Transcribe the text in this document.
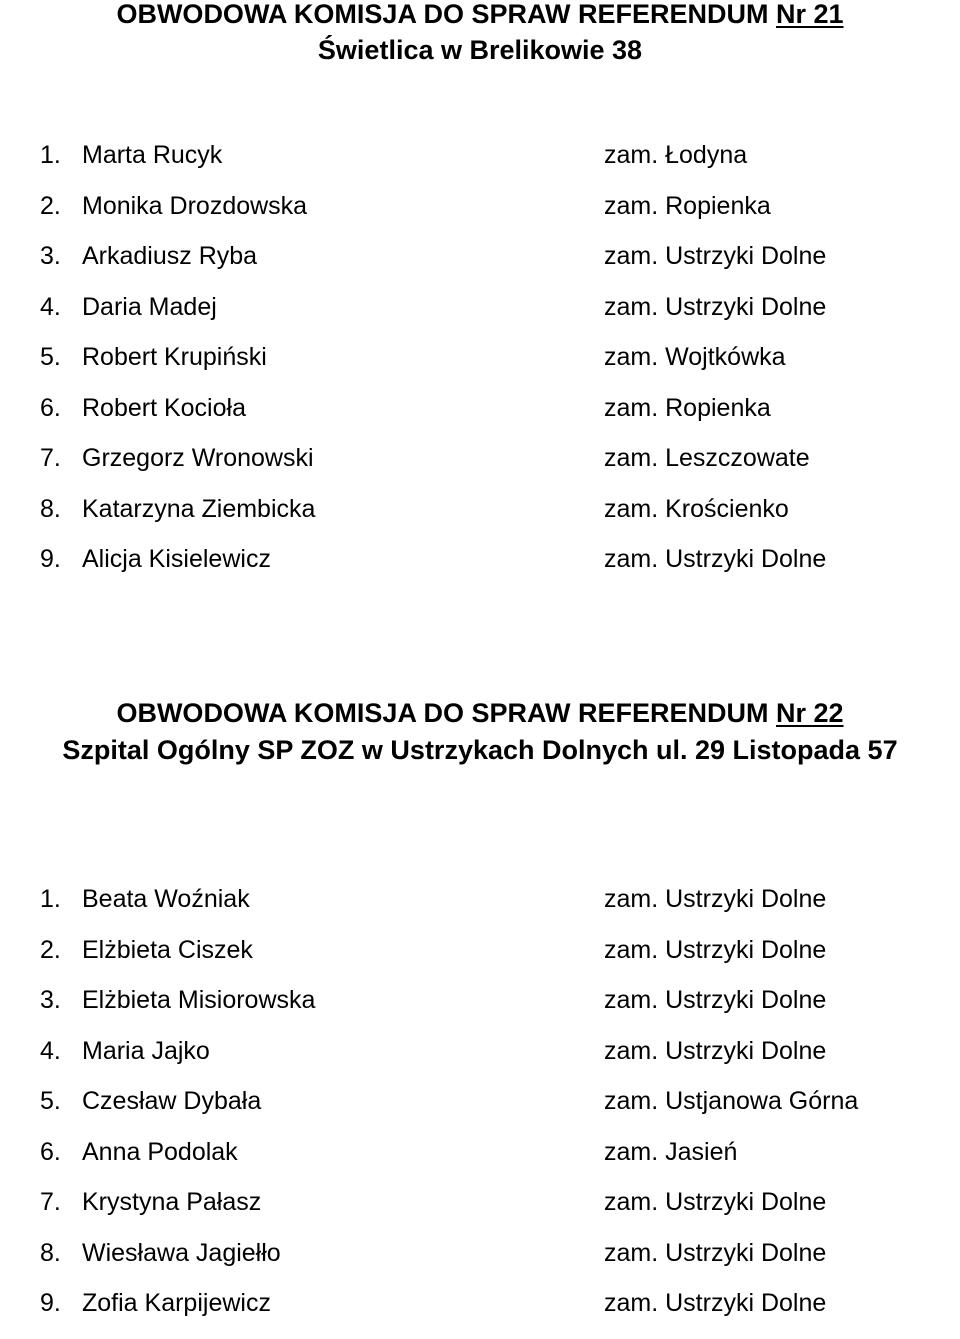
OBWODOWA KOMISJA DO SPRAW REFERENDUM Nr 21
Świetlica w Brelikowie 38
1. Marta Rucyk	zam. Łodyna
2. Monika Drozdowska	zam. Ropienka
3. Arkadiusz Ryba	zam. Ustrzyki Dolne
4. Daria Madej	zam. Ustrzyki Dolne
5. Robert Krupiński	zam. Wojtkówka
6. Robert Kocioła	zam. Ropienka
7. Grzegorz Wronowski	zam. Leszczowate
8. Katarzyna Ziembicka	zam. Krościenko
9. Alicja Kisielewicz	zam. Ustrzyki Dolne
OBWODOWA KOMISJA DO SPRAW REFERENDUM Nr 22
Szpital Ogólny SP ZOZ w Ustrzykach Dolnych ul. 29 Listopada 57
1. Beata Woźniak	zam. Ustrzyki Dolne
2. Elżbieta Ciszek	zam. Ustrzyki Dolne
3. Elżbieta Misiorowska	zam. Ustrzyki Dolne
4. Maria Jajko	zam. Ustrzyki Dolne
5. Czesław Dybała	zam. Ustjanowa Górna
6. Anna Podolak	zam. Jasień
7. Krystyna Pałasz	zam. Ustrzyki Dolne
8. Wiesława Jagiełło	zam. Ustrzyki Dolne
9. Zofia Karpijewicz	zam. Ustrzyki Dolne
